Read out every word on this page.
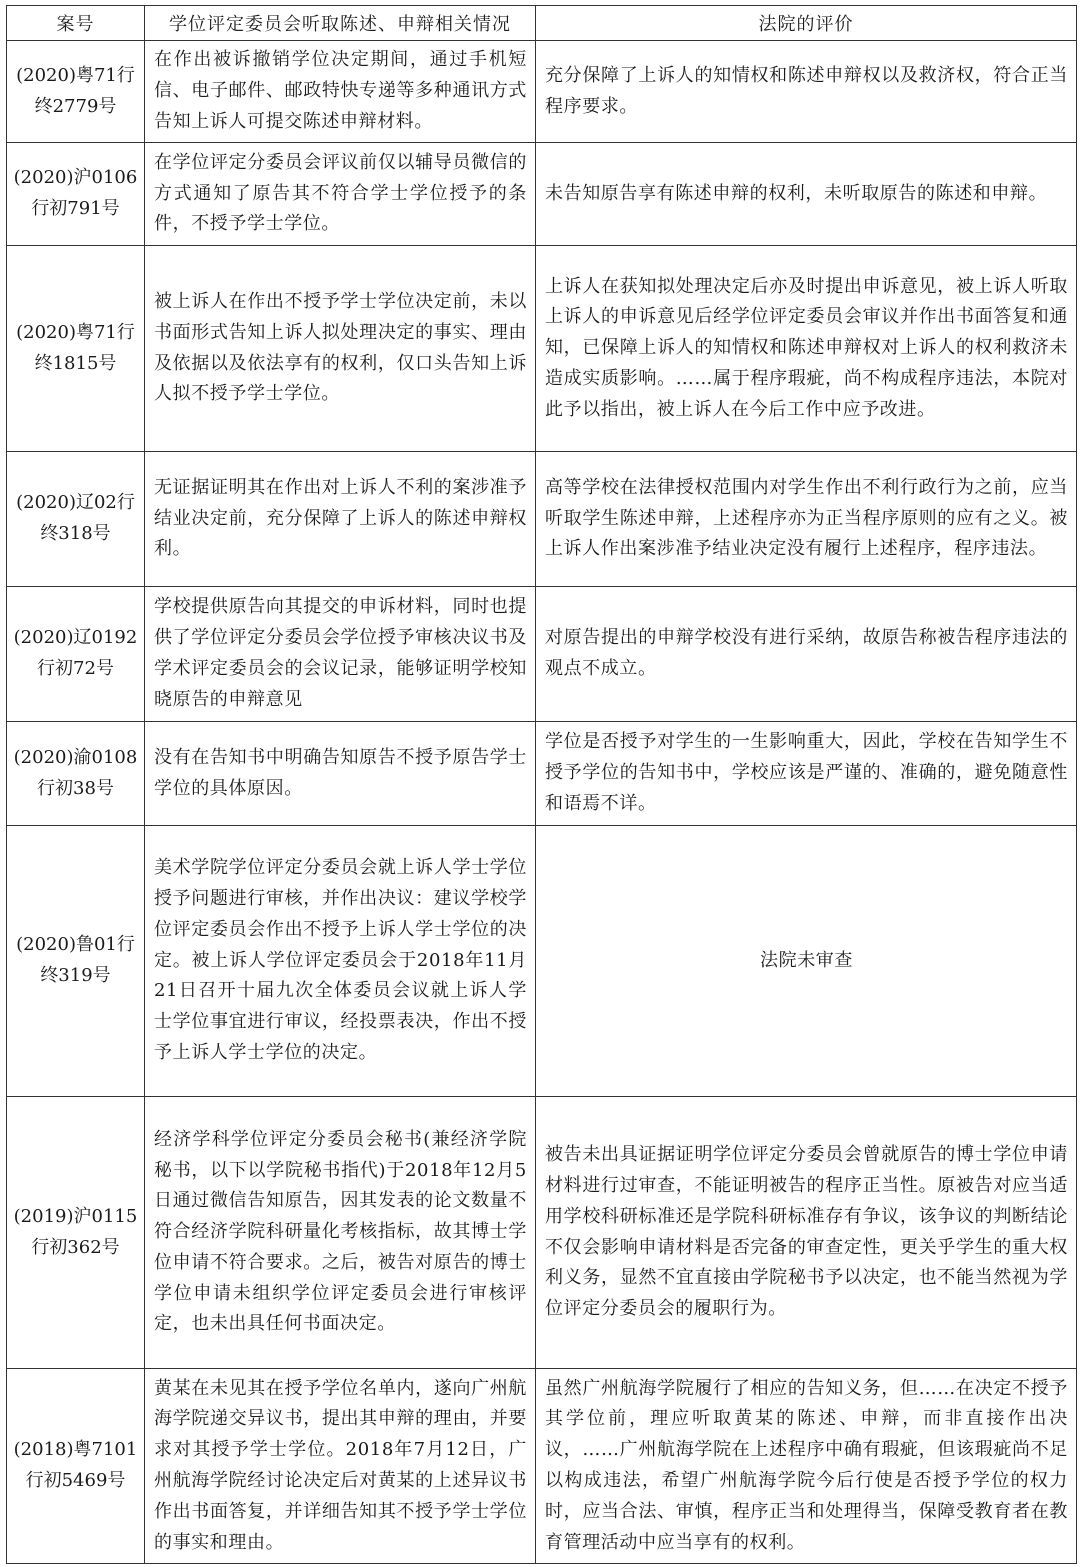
案号	学位评定委员会听取陈述、申辩相关情况	法院的评价
(2020)粤71行终2779号	在作出被诉撤销学位决定期间，通过手机短信、电子邮件、邮政特快专递等多种通讯方式告知上诉人可提交陈述申辩材料。	充分保障了上诉人的知情权和陈述申辩权以及救济权，符合正当程序要求。
(2020)沪0106行初791号	在学位评定分委员会评议前仅以辅导员微信的方式通知了原告其不符合学士学位授予的条件，不授予学士学位。	未告知原告享有陈述申辩的权利，未听取原告的陈述和申辩。
(2020)粤71行终1815号	被上诉人在作出不授予学士学位决定前，未以书面形式告知上诉人拟处理决定的事实、理由及依据以及依法享有的权利，仅口头告知上诉人拟不授予学士学位。	上诉人在获知拟处理决定后亦及时提出申诉意见，被上诉人听取上诉人的申诉意见后经学位评定委员会审议并作出书面答复和通知，已保障上诉人的知情权和陈述申辩权对上诉人的权利救济未造成实质影响。……属于程序瑕疵，尚不构成程序违法，本院对此予以指出，被上诉人在今后工作中应予改进。
(2020)辽02行终318号	无证据证明其在作出对上诉人不利的案涉准予结业决定前，充分保障了上诉人的陈述申辩权利。	高等学校在法律授权范围内对学生作出不利行政行为之前，应当听取学生陈述申辩，上述程序亦为正当程序原则的应有之义。被上诉人作出案涉准予结业决定没有履行上述程序，程序违法。
(2020)辽0192行初72号	学校提供原告向其提交的申诉材料，同时也提供了学位评定分委员会学位授予审核决议书及学术评定委员会的会议记录，能够证明学校知晓原告的申辩意见	对原告提出的申辩学校没有进行采纳，故原告称被告程序违法的观点不成立。
(2020)渝0108行初38号	没有在告知书中明确告知原告不授予原告学士学位的具体原因。	学位是否授予对学生的一生影响重大，因此，学校在告知学生不授予学位的告知书中，学校应该是严谨的、准确的，避免随意性和语焉不详。
(2020)鲁01行终319号	美术学院学位评定分委员会就上诉人学士学位授予问题进行审核，并作出决议：建议学校学位评定委员会作出不授予上诉人学士学位的决定。被上诉人学位评定委员会于2018年11月21日召开十届九次全体委员会议就上诉人学士学位事宜进行审议，经投票表决，作出不授予上诉人学士学位的决定。	法院未审查
(2019)沪0115行初362号	经济学科学位评定分委员会秘书(兼经济学院秘书，以下以学院秘书指代)于2018年12月5日通过微信告知原告，因其发表的论文数量不符合经济学院科研量化考核指标，故其博士学位申请不符合要求。之后，被告对原告的博士学位申请未组织学位评定委员会进行审核评定，也未出具任何书面决定。	被告未出具证据证明学位评定分委员会曾就原告的博士学位申请材料进行过审查，不能证明被告的程序正当性。原被告对应当适用学校科研标准还是学院科研标准存有争议，该争议的判断结论不仅会影响申请材料是否完备的审查定性，更关乎学生的重大权利义务，显然不宜直接由学院秘书予以决定，也不能当然视为学位评定分委员会的履职行为。
(2018)粤7101行初5469号	黄某在未见其在授予学位名单内，遂向广州航海学院递交异议书，提出其申辩的理由，并要求对其授予学士学位。2018年7月12日，广州航海学院经讨论决定后对黄某的上述异议书作出书面答复，并详细告知其不授予学士学位的事实和理由。	虽然广州航海学院履行了相应的告知义务，但……在决定不授予其学位前，理应听取黄某的陈述、申辩，而非直接作出决议，……广州航海学院在上述程序中确有瑕疵，但该瑕疵尚不足以构成违法，希望广州航海学院今后行使是否授予学位的权力时，应当合法、审慎，程序正当和处理得当，保障受教育者在教育管理活动中应当享有的权利。
